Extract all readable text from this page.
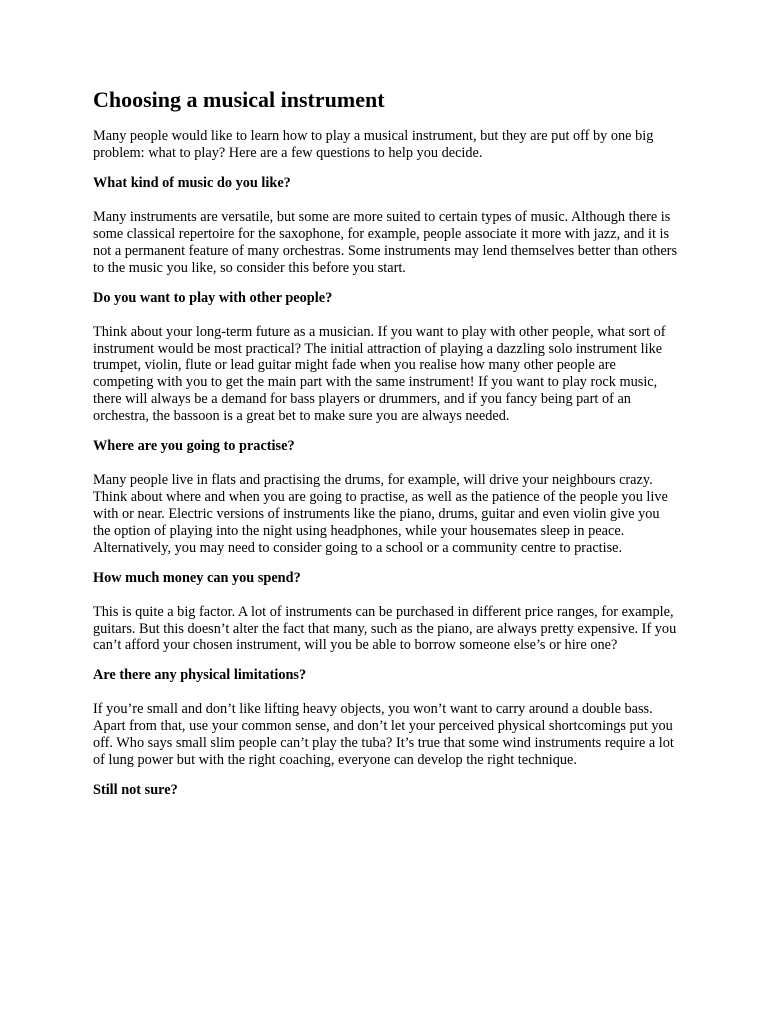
Choosing a musical instrument

Many people would like to learn how to play a musical instrument, but they are put off by one big problem: what to play? Here are a few questions to help you decide.

What kind of music do you like?

Many instruments are versatile, but some are more suited to certain types of music. Although there is some classical repertoire for the saxophone, for example, people associate it more with jazz, and it is not a permanent feature of many orchestras. Some instruments may lend themselves better than others to the music you like, so consider this before you start.

Do you want to play with other people?

Think about your long-term future as a musician. If you want to play with other people, what sort of instrument would be most practical? The initial attraction of playing a dazzling solo instrument like trumpet, violin, flute or lead guitar might fade when you realise how many other people are competing with you to get the main part with the same instrument! If you want to play rock music, there will always be a demand for bass players or drummers, and if you fancy being part of an orchestra, the bassoon is a great bet to make sure you are always needed.

Where are you going to practise?

Many people live in flats and practising the drums, for example, will drive your neighbours crazy. Think about where and when you are going to practise, as well as the patience of the people you live with or near. Electric versions of instruments like the piano, drums, guitar and even violin give you the option of playing into the night using headphones, while your housemates sleep in peace. Alternatively, you may need to consider going to a school or a community centre to practise.

How much money can you spend?

This is quite a big factor. A lot of instruments can be purchased in different price ranges, for example, guitars. But this doesn’t alter the fact that many, such as the piano, are always pretty expensive. If you can’t afford your chosen instrument, will you be able to borrow someone else’s or hire one?

Are there any physical limitations?

If you’re small and don’t like lifting heavy objects, you won’t want to carry around a double bass. Apart from that, use your common sense, and don’t let your perceived physical shortcomings put you off. Who says small slim people can’t play the tuba? It’s true that some wind instruments require a lot of lung power but with the right coaching, everyone can develop the right technique.

Still not sure?
